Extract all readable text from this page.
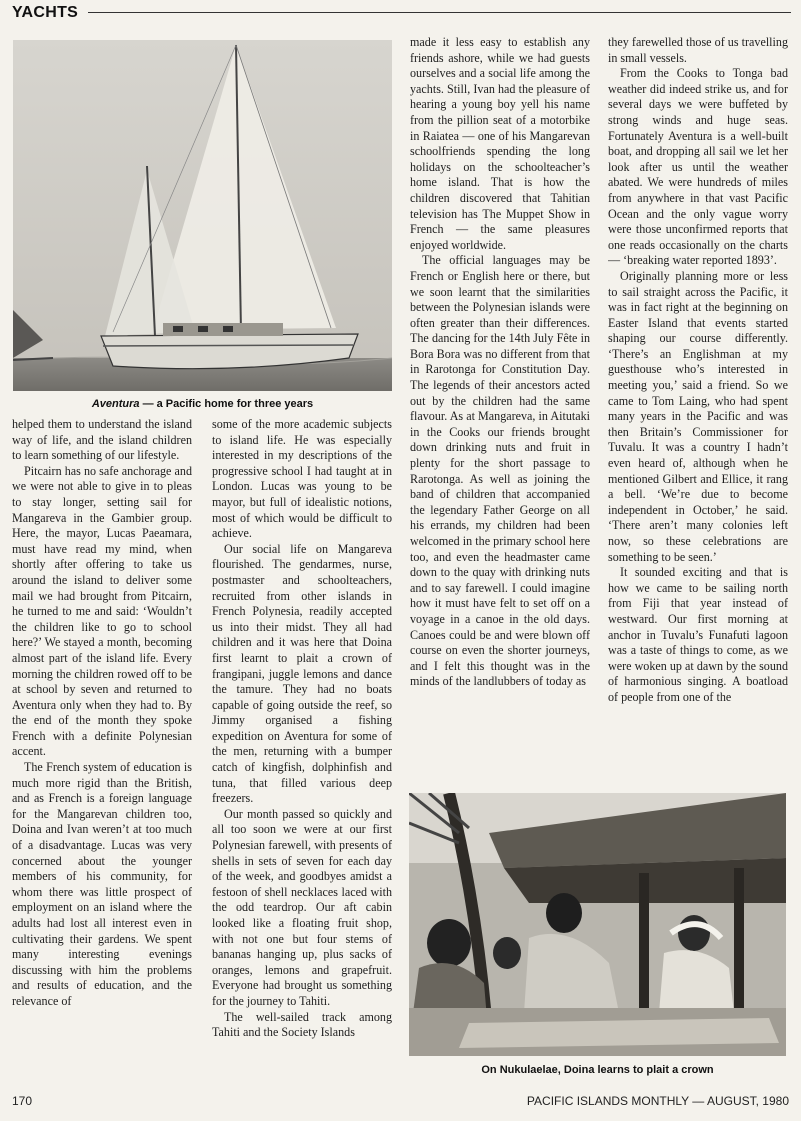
YACHTS
Aventura — a Pacific home for three years
On Nukulaelae, Doina learns to plait a crown

helped them to understand the island way of life, and the island children to learn something of our lifestyle.

Pitcairn has no safe anchorage and we were not able to give in to pleas to stay longer, setting sail for Mangareva in the Gambier group. Here, the mayor, Lucas Paeamara, must have read my mind, when shortly after offering to take us around the island to deliver some mail we had brought from Pitcairn, he turned to me and said: ‘Wouldn’t the children like to go to school here?’ We stayed a month, becoming almost part of the island life. Every morning the children rowed off to be at school by seven and returned to Aventura only when they had to. By the end of the month they spoke French with a definite Polynesian accent.

The French system of education is much more rigid than the British, and as French is a foreign language for the Mangarevan children too, Doina and Ivan weren’t at too much of a disadvantage. Lucas was very concerned about the younger members of his community, for whom there was little prospect of employment on an island where the adults had lost all interest even in cultivating their gardens. We spent many interesting evenings discussing with him the problems and results of education, and the relevance of

some of the more academic subjects to island life. He was especially interested in my descriptions of the progressive school I had taught at in London. Lucas was young to be mayor, but full of idealistic notions, most of which would be difficult to achieve.

Our social life on Mangareva flourished. The gendarmes, nurse, postmaster and schoolteachers, recruited from other islands in French Polynesia, readily accepted us into their midst. They all had children and it was here that Doina first learnt to plait a crown of frangipani, juggle lemons and dance the tamure. They had no boats capable of going outside the reef, so Jimmy organised a fishing expedition on Aventura for some of the men, returning with a bumper catch of kingfish, dolphinfish and tuna, that filled various deep freezers.

Our month passed so quickly and all too soon we were at our first Polynesian farewell, with presents of shells in sets of seven for each day of the week, and goodbyes amidst a festoon of shell necklaces laced with the odd teardrop. Our aft cabin looked like a floating fruit shop, with not one but four stems of bananas hanging up, plus sacks of oranges, lemons and grapefruit. Everyone had brought us something for the journey to Tahiti.

The well-sailed track among Tahiti and the Society Islands

made it less easy to establish any friends ashore, while we had guests ourselves and a social life among the yachts. Still, Ivan had the pleasure of hearing a young boy yell his name from the pillion seat of a motorbike in Raiatea — one of his Mangarevan schoolfriends spending the long holidays on the schoolteacher’s home island. That is how the children discovered that Tahitian television has The Muppet Show in French — the same pleasures enjoyed worldwide.

The official languages may be French or English here or there, but we soon learnt that the similarities between the Polynesian islands were often greater than their differences. The dancing for the 14th July Fête in Bora Bora was no different from that in Rarotonga for Constitution Day. The legends of their ancestors acted out by the children had the same flavour. As at Mangareva, in Aitutaki in the Cooks our friends brought down drinking nuts and fruit in plenty for the short passage to Rarotonga. As well as joining the band of children that accompanied the legendary Father George on all his errands, my children had been welcomed in the primary school here too, and even the headmaster came down to the quay with drinking nuts and to say farewell. I could imagine how it must have felt to set off on a voyage in a canoe in the old days. Canoes could be and were blown off course on even the shorter journeys, and I felt this thought was in the minds of the landlubbers of today as

they farewelled those of us travelling in small vessels.

From the Cooks to Tonga bad weather did indeed strike us, and for several days we were buffeted by strong winds and huge seas. Fortunately Aventura is a well-built boat, and dropping all sail we let her look after us until the weather abated. We were hundreds of miles from anywhere in that vast Pacific Ocean and the only vague worry were those unconfirmed reports that one reads occasionally on the charts — ‘breaking water reported 1893’.

Originally planning more or less to sail straight across the Pacific, it was in fact right at the beginning on Easter Island that events started shaping our course differently. ‘There’s an Englishman at my guesthouse who’s interested in meeting you,’ said a friend. So we came to Tom Laing, who had spent many years in the Pacific and was then Britain’s Commissioner for Tuvalu. It was a country I hadn’t even heard of, although when he mentioned Gilbert and Ellice, it rang a bell. ‘We’re due to become independent in October,’ he said. ‘There aren’t many colonies left now, so these celebrations are something to be seen.’

It sounded exciting and that is how we came to be sailing north from Fiji that year instead of westward. Our first morning at anchor in Tuvalu’s Funafuti lagoon was a taste of things to come, as we were woken up at dawn by the sound of harmonious singing. A boatload of people from one of the

170	PACIFIC ISLANDS MONTHLY — AUGUST, 1980
